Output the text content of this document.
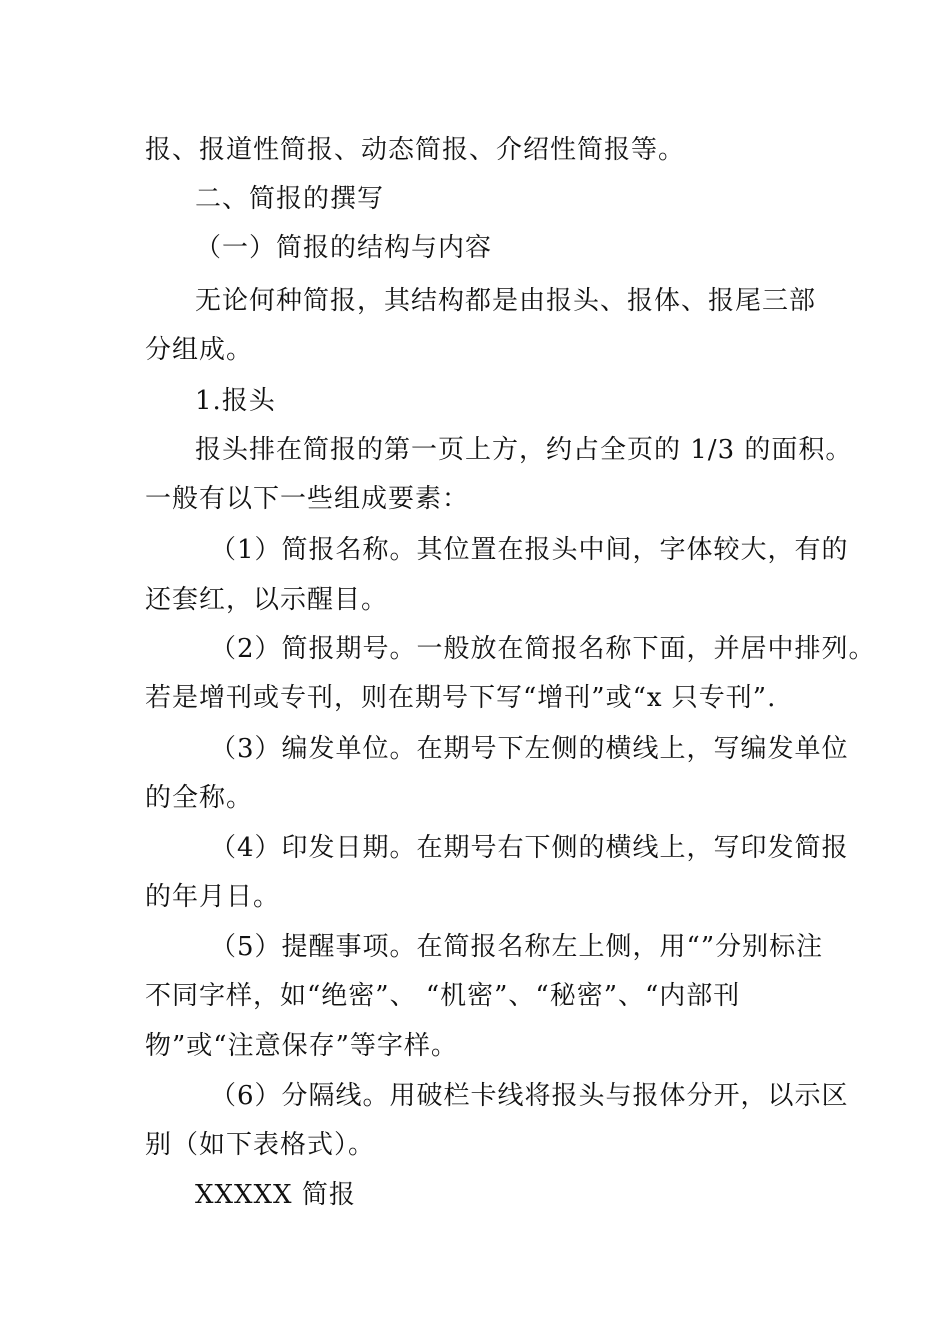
报、报道性简报、动态简报、介绍性简报等。
二、简报的撰写
（一）简报的结构与内容
无论何种简报，其结构都是由报头、报体、报尾三部
分组成。
1.报头
报头排在简报的第一页上方，约占全页的 1/3 的面积。
一般有以下一些组成要素：
（1）简报名称。其位置在报头中间，字体较大，有的
还套红，以示醒目。
（2）简报期号。一般放在简报名称下面，并居中排列。
若是增刊或专刊，则在期号下写“增刊”或“x 只专刊”.
（3）编发单位。在期号下左侧的横线上，写编发单位
的全称。
（4）印发日期。在期号右下侧的横线上，写印发简报
的年月日。
（5）提醒事项。在简报名称左上侧，用“”分别标注
不同字样，如“绝密”、 “机密”、“秘密”、“内部刊
物”或“注意保存”等字样。
（6）分隔线。用破栏卡线将报头与报体分开，以示区
别（如下表格式）。
XXXXX 简报
